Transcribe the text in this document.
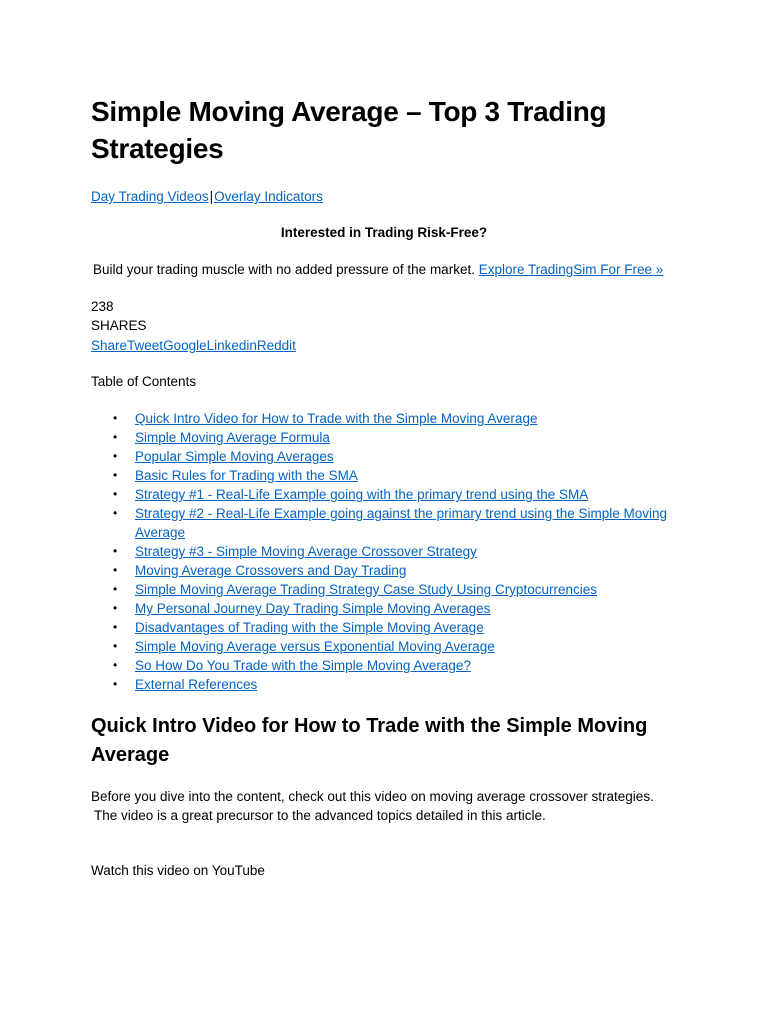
Simple Moving Average – Top 3 Trading Strategies
Day Trading Videos|Overlay Indicators
Interested in Trading Risk-Free?
Build your trading muscle with no added pressure of the market. Explore TradingSim For Free »
238
SHARES
ShareTweetGoogleLinkedinReddit
Table of Contents
• Quick Intro Video for How to Trade with the Simple Moving Average
• Simple Moving Average Formula
• Popular Simple Moving Averages
• Basic Rules for Trading with the SMA
• Strategy #1 - Real-Life Example going with the primary trend using the SMA
• Strategy #2 - Real-Life Example going against the primary trend using the Simple Moving Average
• Strategy #3 - Simple Moving Average Crossover Strategy
• Moving Average Crossovers and Day Trading
• Simple Moving Average Trading Strategy Case Study Using Cryptocurrencies
• My Personal Journey Day Trading Simple Moving Averages
• Disadvantages of Trading with the Simple Moving Average
• Simple Moving Average versus Exponential Moving Average
• So How Do You Trade with the Simple Moving Average?
• External References
Quick Intro Video for How to Trade with the Simple Moving Average
Before you dive into the content, check out this video on moving average crossover strategies.
The video is a great precursor to the advanced topics detailed in this article.
Watch this video on YouTube
